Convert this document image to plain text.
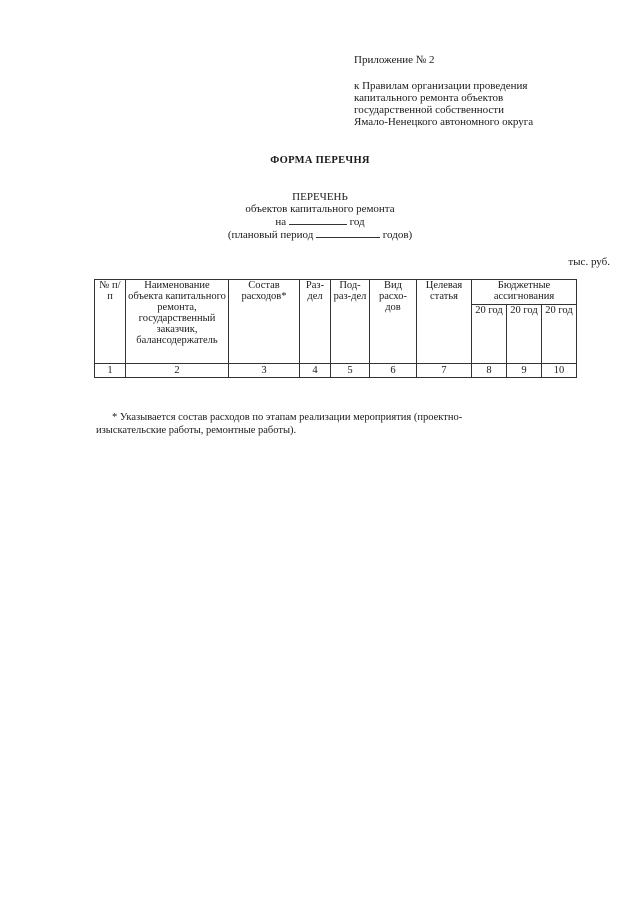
Приложение № 2
к Правилам организации проведения
капитального ремонта объектов
государственной собственности
Ямало-Ненецкого автономного округа
ФОРМА ПЕРЕЧНЯ
ПЕРЕЧЕНЬ
объектов капитального ремонта
на	год
(плановый период	годов)
тыс. руб.
№ п/п	Наименование объекта капитального ремонта, государственный заказчик, балансодержатель	Состав расходов*	Раз-дел	Под-раз-дел	Вид расхо-дов	Целевая статья	Бюджетные ассигнования		
							20 год	20 год	20 год
1	2	3	4	5	6	7	8	9	10
* Указывается состав расходов по этапам реализации мероприятия (проектно-
изыскательские работы, ремонтные работы).
